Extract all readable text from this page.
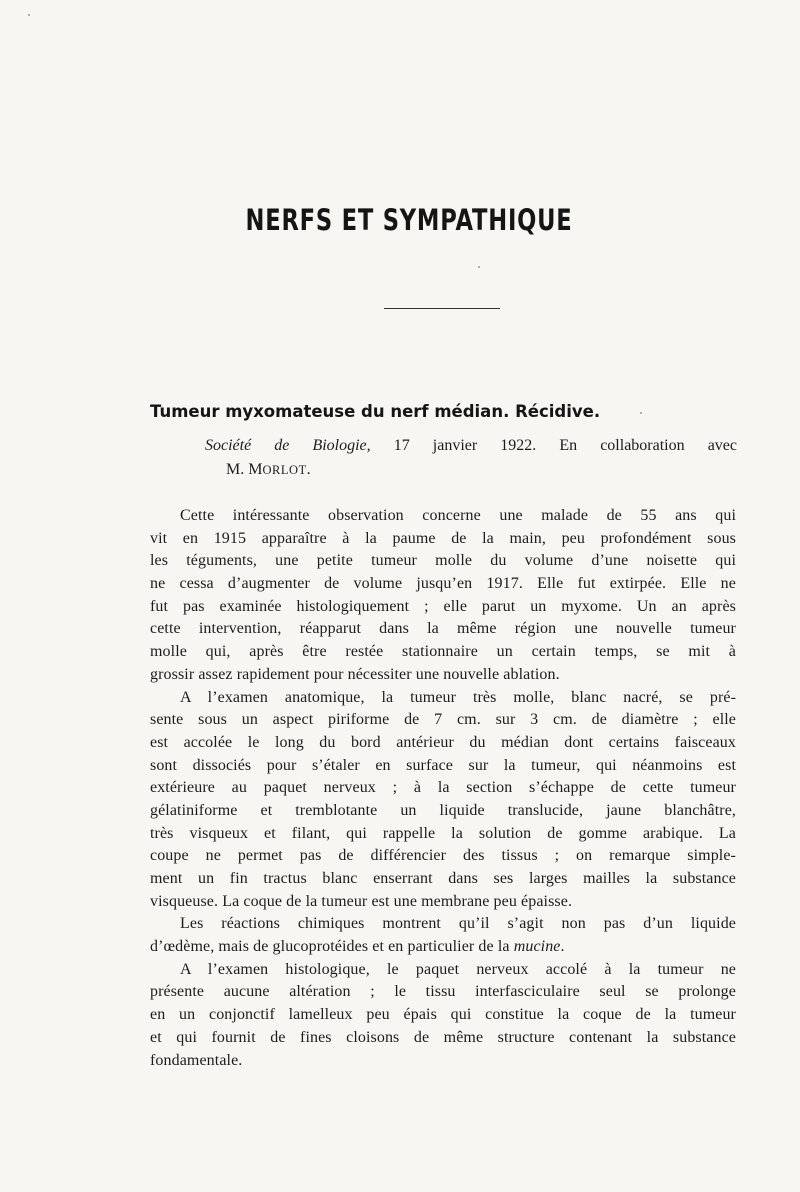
NERFS ET SYMPATHIQUE
Tumeur myxomateuse du nerf médian. Récidive.

Société de Biologie, 17 janvier 1922. En collaboration avec
M. MORLOT.

Cette intéressante observation concerne une malade de 55 ans qui
vit en 1915 apparaître à la paume de la main, peu profondément sous
les téguments, une petite tumeur molle du volume d’une noisette qui
ne cessa d’augmenter de volume jusqu’en 1917. Elle fut extirpée. Elle ne
fut pas examinée histologiquement ; elle parut un myxome. Un an après
cette intervention, réapparut dans la même région une nouvelle tumeur
molle qui, après être restée stationnaire un certain temps, se mit à
grossir assez rapidement pour nécessiter une nouvelle ablation.
A l’examen anatomique, la tumeur très molle, blanc nacré, se pré-
sente sous un aspect piriforme de 7 cm. sur 3 cm. de diamètre ; elle
est accolée le long du bord antérieur du médian dont certains faisceaux
sont dissociés pour s’étaler en surface sur la tumeur, qui néanmoins est
extérieure au paquet nerveux ; à la section s’échappe de cette tumeur
gélatiniforme et tremblotante un liquide translucide, jaune blanchâtre,
très visqueux et filant, qui rappelle la solution de gomme arabique. La
coupe ne permet pas de différencier des tissus ; on remarque simple-
ment un fin tractus blanc enserrant dans ses larges mailles la substance
visqueuse. La coque de la tumeur est une membrane peu épaisse.
Les réactions chimiques montrent qu’il s’agit non pas d’un liquide
d’œdème, mais de glucoprotéides et en particulier de la mucine.
A l’examen histologique, le paquet nerveux accolé à la tumeur ne
présente aucune altération ; le tissu interfasciculaire seul se prolonge
en un conjonctif lamelleux peu épais qui constitue la coque de la tumeur
et qui fournit de fines cloisons de même structure contenant la substance
fondamentale.
